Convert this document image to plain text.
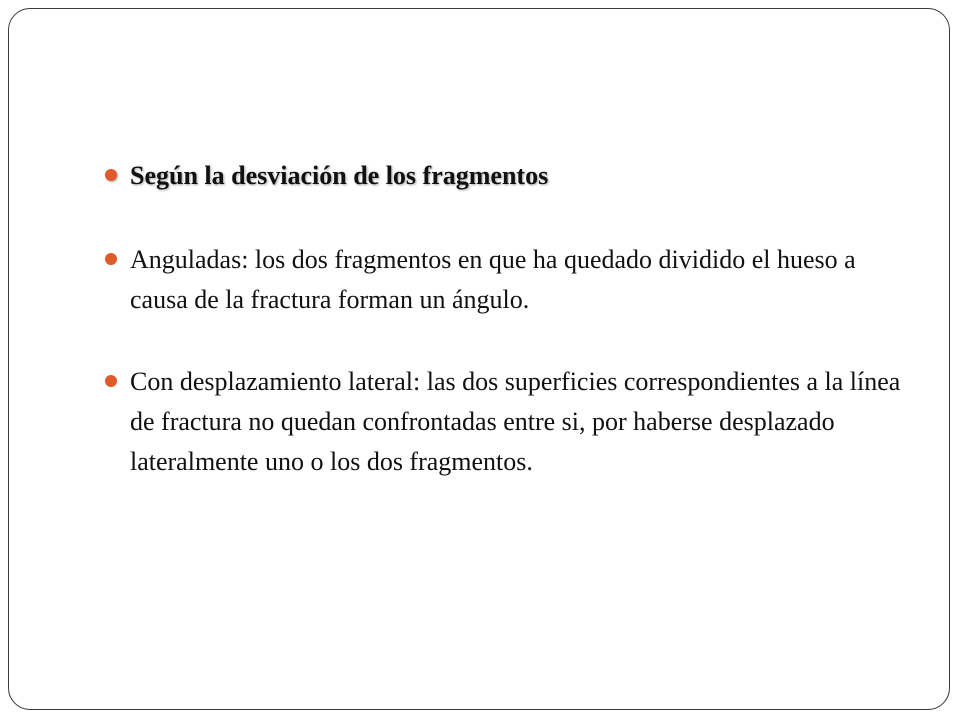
Según la desviación de los fragmentos
Anguladas: los dos fragmentos en que ha quedado dividido el hueso a causa de la fractura forman un ángulo.
Con desplazamiento lateral: las dos superficies correspondientes a la línea de fractura no quedan confrontadas entre si, por haberse desplazado lateralmente uno o los dos fragmentos.
